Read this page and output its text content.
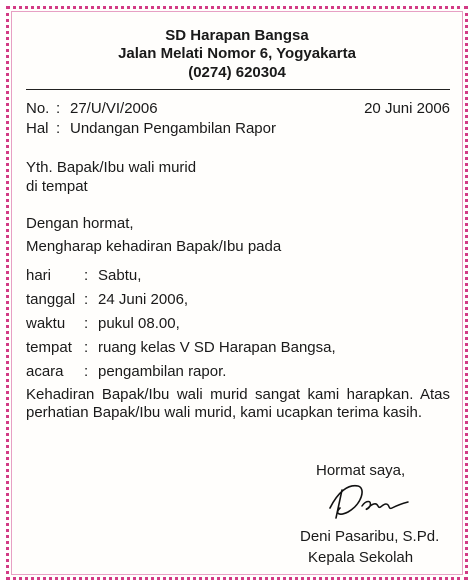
SD Harapan Bangsa
Jalan Melati Nomor 6, Yogyakarta
(0274) 620304
No. : 27/U/VI/2006	20 Juni 2006
Hal : Undangan Pengambilan Rapor
Yth. Bapak/Ibu wali murid
di tempat
Dengan hormat,
Mengharap kehadiran Bapak/Ibu pada
hari : Sabtu,
tanggal : 24 Juni 2006,
waktu : pukul 08.00,
tempat : ruang kelas V SD Harapan Bangsa,
acara : pengambilan rapor.
Kehadiran Bapak/Ibu wali murid sangat kami harapkan. Atas perhatian Bapak/Ibu wali murid, kami ucapkan terima kasih.
Hormat saya,
Deni Pasaribu, S.Pd.
Kepala Sekolah
